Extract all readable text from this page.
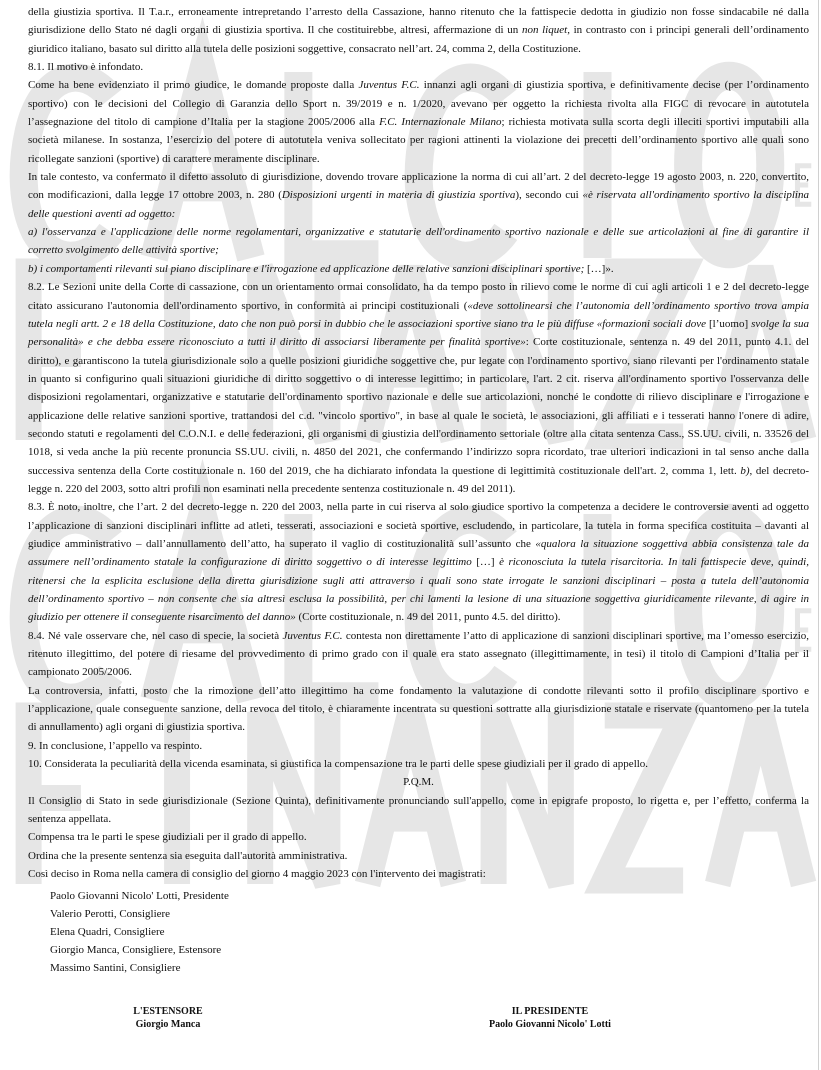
della giustizia sportiva. Il T.a.r., erroneamente intrepretando l’arresto della Cassazione, hanno ritenuto che la fattispecie dedotta in giudizio non fosse sindacabile né dalla
giurisdizione dello Stato né dagli organi di giustizia sportiva. Il che costituirebbe, altresì, affermazione di un non liquet, in contrasto con i principi generali dell’ordinamento
giuridico italiano, basato sul diritto alla tutela delle posizioni soggettive, consacrato nell’art. 24, comma 2, della Costituzione.
8.1. Il motivo è infondato.
Come ha bene evidenziato il primo giudice, le domande proposte dalla Juventus F.C. innanzi agli organi di giustizia sportiva, e definitivamente decise (per l’ordinamento
sportivo) con le decisioni del Collegio di Garanzia dello Sport n. 39/2019 e n. 1/2020, avevano per oggetto la richiesta rivolta alla FIGC di revocare in autotutela
l’assegnazione del titolo di campione d’Italia per la stagione 2005/2006 alla F.C. Internazionale Milano; richiesta motivata sulla scorta degli illeciti sportivi imputabili alla
società milanese. In sostanza, l’esercizio del potere di autotutela veniva sollecitato per ragioni attinenti la violazione dei precetti dell’ordinamento sportivo alle quali sono
ricollegate sanzioni (sportive) di carattere meramente disciplinare.
In tale contesto, va confermato il difetto assoluto di giurisdizione, dovendo trovare applicazione la norma di cui all’art. 2 del decreto-legge 19 agosto 2003, n. 220, convertito,
con modificazioni, dalla legge 17 ottobre 2003, n. 280 (Disposizioni urgenti in materia di giustizia sportiva), secondo cui «è riservata all'ordinamento sportivo la disciplina
delle questioni aventi ad oggetto:
a) l'osservanza e l'applicazione delle norme regolamentari, organizzative e statutarie dell'ordinamento sportivo nazionale e delle sue articolazioni al fine di garantire il
corretto svolgimento delle attività sportive;
b) i comportamenti rilevanti sul piano disciplinare e l'irrogazione ed applicazione delle relative sanzioni disciplinari sportive; […]».
8.2. Le Sezioni unite della Corte di cassazione, con un orientamento ormai consolidato, ha da tempo posto in rilievo come le norme di cui agli articoli 1 e 2 del decreto-legge
citato assicurano l'autonomia dell'ordinamento sportivo, in conformità ai principi costituzionali («deve sottolinearsi che l’autonomia dell’ordinamento sportivo trova ampia
tutela negli artt. 2 e 18 della Costituzione, dato che non può porsi in dubbio che le associazioni sportive siano tra le più diffuse «formazioni sociali dove [l’uomo] svolge la sua
personalità» e che debba essere riconosciuto a tutti il diritto di associarsi liberamente per finalità sportive»: Corte costituzionale, sentenza n. 49 del 2011, punto 4.1. del
diritto), e garantiscono la tutela giurisdizionale solo a quelle posizioni giuridiche soggettive che, pur legate con l'ordinamento sportivo, siano rilevanti per l'ordinamento statale
in quanto si configurino quali situazioni giuridiche di diritto soggettivo o di interesse legittimo; in particolare, l'art. 2 cit. riserva all'ordinamento sportivo l'osservanza delle
disposizioni regolamentari, organizzative e statutarie dell'ordinamento sportivo nazionale e delle sue articolazioni, nonché le condotte di rilievo disciplinare e l'irrogazione e
applicazione delle relative sanzioni sportive, trattandosi del c.d. "vincolo sportivo", in base al quale le società, le associazioni, gli affiliati e i tesserati hanno l'onere di adire,
secondo statuti e regolamenti del C.O.N.I. e delle federazioni, gli organismi di giustizia dell'ordinamento settoriale (oltre alla citata sentenza Cass., SS.UU. civili, n. 33526 del
1018, si veda anche la più recente pronuncia SS.UU. civili, n. 4850 del 2021, che confermando l’indirizzo sopra ricordato, trae ulteriori indicazioni in tal senso anche dalla
successiva sentenza della Corte costituzionale n. 160 del 2019, che ha dichiarato infondata la questione di legittimità costituzionale dell'art. 2, comma 1, lett. b), del decreto-
legge n. 220 del 2003, sotto altri profili non esaminati nella precedente sentenza costituzionale n. 49 del 2011).
8.3. È noto, inoltre, che l’art. 2 del decreto-legge n. 220 del 2003, nella parte in cui riserva al solo giudice sportivo la competenza a decidere le controversie aventi ad oggetto
l’applicazione di sanzioni disciplinari inflitte ad atleti, tesserati, associazioni e società sportive, escludendo, in particolare, la tutela in forma specifica costituita – davanti al
giudice amministrativo – dall’annullamento dell’atto, ha superato il vaglio di costituzionalità sull’assunto che «qualora la situazione soggettiva abbia consistenza tale da
assumere nell’ordinamento statale la configurazione di diritto soggettivo o di interesse legittimo […] è riconosciuta la tutela risarcitoria. In tali fattispecie deve, quindi,
ritenersi che la esplicita esclusione della diretta giurisdizione sugli atti attraverso i quali sono state irrogate le sanzioni disciplinari – posta a tutela dell’autonomia
dell’ordinamento sportivo – non consente che sia altresì esclusa la possibilità, per chi lamenti la lesione di una situazione soggettiva giuridicamente rilevante, di agire in
giudizio per ottenere il conseguente risarcimento del danno» (Corte costituzionale, n. 49 del 2011, punto 4.5. del diritto).
8.4. Né vale osservare che, nel caso di specie, la società Juventus F.C. contesta non direttamente l’atto di applicazione di sanzioni disciplinari sportive, ma l’omesso esercizio,
ritenuto illegittimo, del potere di riesame del provvedimento di primo grado con il quale era stato assegnato (illegittimamente, in tesi) il titolo di Campioni d’Italia per il
campionato 2005/2006.
La controversia, infatti, posto che la rimozione dell’atto illegittimo ha come fondamento la valutazione di condotte rilevanti sotto il profilo disciplinare sportivo e
l’applicazione, quale conseguente sanzione, della revoca del titolo, è chiaramente incentrata su questioni sottratte alla giurisdizione statale e riservate (quantomeno per la tutela
di annullamento) agli organi di giustizia sportiva.
9. In conclusione, l’appello va respinto.
10. Considerata la peculiarità della vicenda esaminata, si giustifica la compensazione tra le parti delle spese giudiziali per il grado di appello.
P.Q.M.
Il Consiglio di Stato in sede giurisdizionale (Sezione Quinta), definitivamente pronunciando sull'appello, come in epigrafe proposto, lo rigetta e, per l’effetto, conferma la
sentenza appellata.
Compensa tra le parti le spese giudiziali per il grado di appello.
Ordina che la presente sentenza sia eseguita dall'autorità amministrativa.
Così deciso in Roma nella camera di consiglio del giorno 4 maggio 2023 con l'intervento dei magistrati:
Paolo Giovanni Nicolo' Lotti, Presidente
Valerio Perotti, Consigliere
Elena Quadri, Consigliere
Giorgio Manca, Consigliere, Estensore
Massimo Santini, Consigliere
L'ESTENSORE
Giorgio Manca
IL PRESIDENTE
Paolo Giovanni Nicolo' Lotti
